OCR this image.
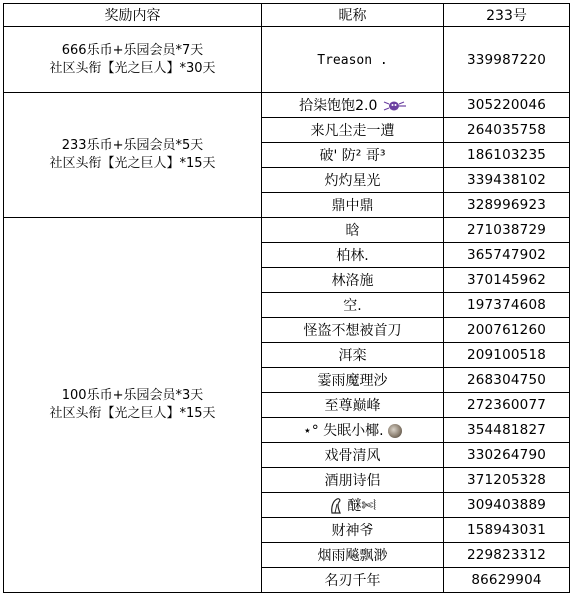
奖励内容	昵称	233号

666乐币+乐园会员*7天
社区头衔【光之巨人】*30天	Treason .	339987220

233乐币+乐园会员*5天
社区头衔【光之巨人】*15天	拾柒饱饱2.0	305220046
	来凡尘走一遭	264035758
	破' 防² 哥³	186103235
	灼灼星光	339438102
	鼎中鼎	328996923

100乐币+乐园会员*3天
社区头衔【光之巨人】*15天	晗	271038729
	柏林.	365747902
	林洛施	370145962
	空.	197374608
	怪盗不想被首刀	200761260
	洱栾	209100518
	霎雨魔理沙	268304750
	至尊巅峰	272360077
	⋆° 失眠小椰.	354481827
	戏骨清风	330264790
	酒朋诗侣	371205328
	醚✄⦚	309403889
	财神爷	158943031
	烟雨飚飘渺	229823312
	名刃千年	86629904
